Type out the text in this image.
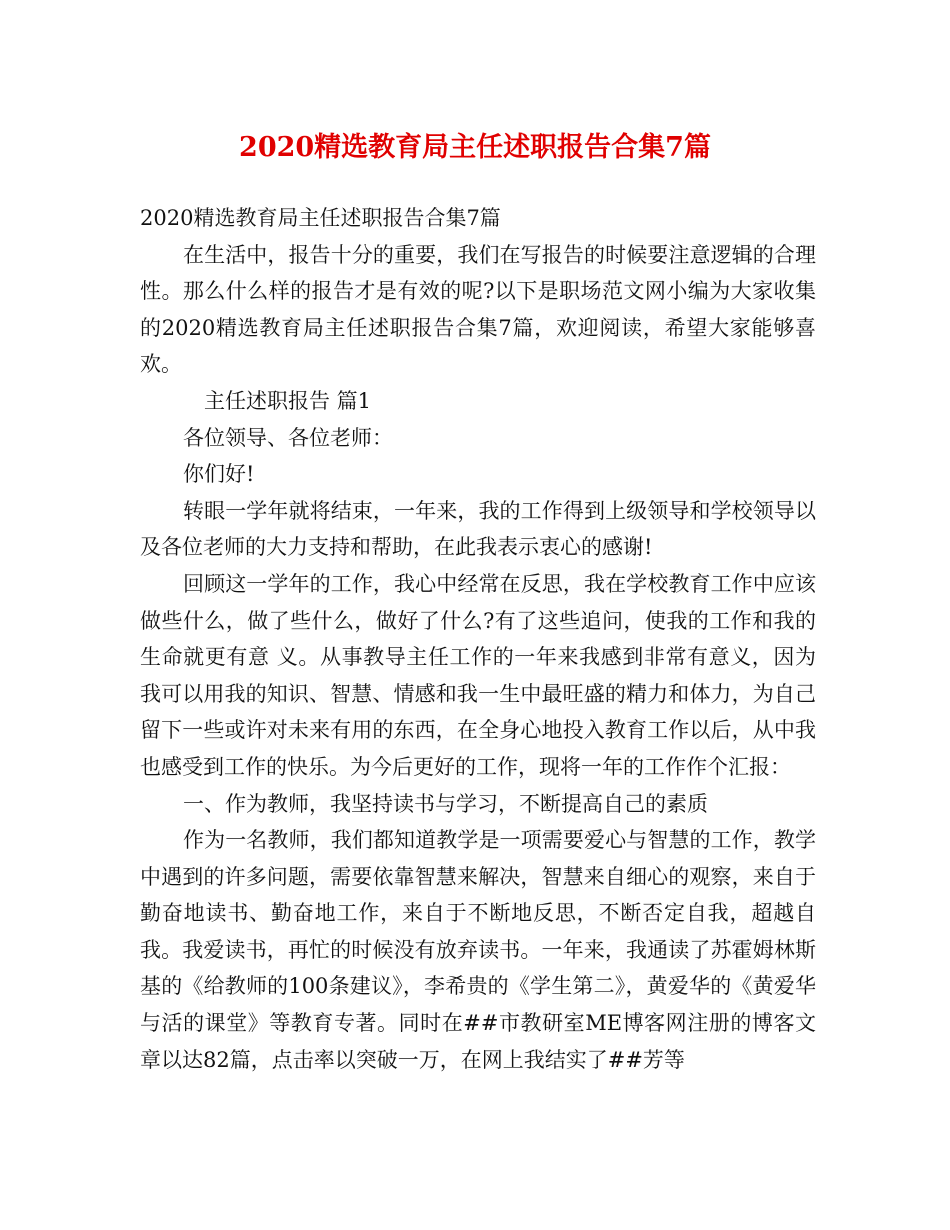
2020精选教育局主任述职报告合集7篇

2020精选教育局主任述职报告合集7篇

在生活中，报告十分的重要，我们在写报告的时候要注意逻辑的合理性。那么什么样的报告才是有效的呢?以下是职场范文网小编为大家收集的2020精选教育局主任述职报告合集7篇，欢迎阅读，希望大家能够喜欢。

主任述职报告 篇1

各位领导、各位老师：

你们好!

转眼一学年就将结束，一年来，我的工作得到上级领导和学校领导以及各位老师的大力支持和帮助，在此我表示衷心的感谢!

回顾这一学年的工作，我心中经常在反思，我在学校教育工作中应该做些什么，做了些什么，做好了什么?有了这些追问，使我的工作和我的生命就更有意 义。从事教导主任工作的一年来我感到非常有意义，因为我可以用我的知识、智慧、情感和我一生中最旺盛的精力和体力，为自己留下一些或许对未来有用的东西，在全身心地投入教育工作以后，从中我也感受到工作的快乐。为今后更好的工作，现将一年的工作作个汇报：

一、作为教师，我坚持读书与学习，不断提高自己的素质

作为一名教师，我们都知道教学是一项需要爱心与智慧的工作，教学中遇到的许多问题，需要依靠智慧来解决，智慧来自细心的观察，来自于勤奋地读书、勤奋地工作，来自于不断地反思，不断否定自我，超越自我。我爱读书，再忙的时候没有放弃读书。一年来，我通读了苏霍姆林斯基的《给教师的100条建议》，李希贵的《学生第二》，黄爱华的《黄爱华与活的课堂》等教育专著。同时在##市教研室ME博客网注册的博客文章以达82篇，点击率以突破一万，在网上我结实了##芳等
